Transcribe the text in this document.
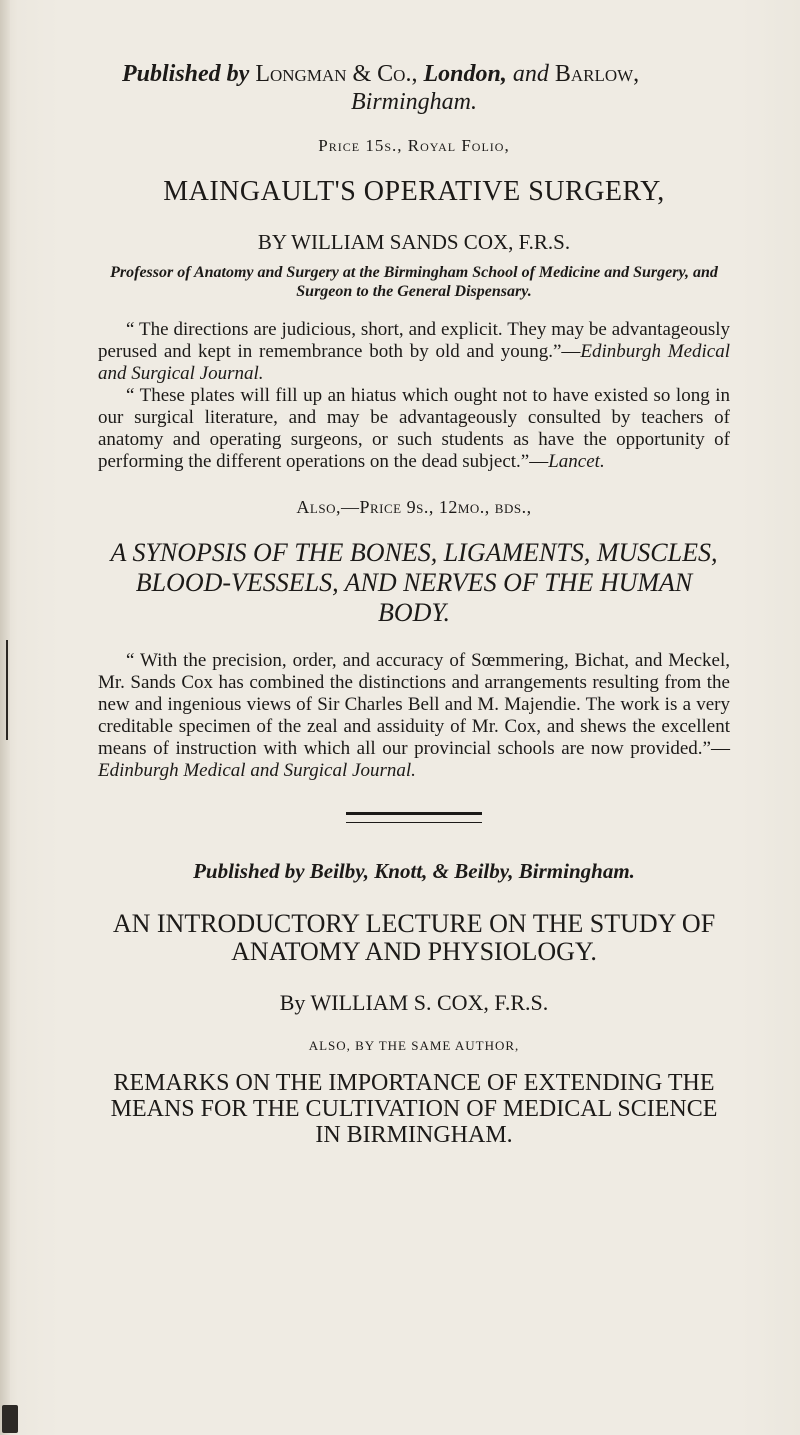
Published by Longman & Co., London, and Barlow,

Birmingham.

Price 15s., Royal Folio,

MAINGAULT'S OPERATIVE SURGERY,

BY WILLIAM SANDS COX, F.R.S.

Professor of Anatomy and Surgery at the Birmingham School of Medicine and Surgery, and Surgeon to the General Dispensary.

“ The directions are judicious, short, and explicit. They may be advantageously perused and kept in remembrance both by old and young.”—Edinburgh Medical and Surgical Journal.

“ These plates will fill up an hiatus which ought not to have existed so long in our surgical literature, and may be advantageously consulted by teachers of anatomy and operating surgeons, or such students as have the opportunity of performing the different operations on the dead subject.”—Lancet.

Also,—Price 9s., 12mo., bds.,

A SYNOPSIS OF THE BONES, LIGAMENTS, MUSCLES, BLOOD-VESSELS, AND NERVES OF THE HUMAN BODY.

“ With the precision, order, and accuracy of Sœmmering, Bichat, and Meckel, Mr. Sands Cox has combined the distinctions and arrangements resulting from the new and ingenious views of Sir Charles Bell and M. Majendie. The work is a very creditable specimen of the zeal and assiduity of Mr. Cox, and shews the excellent means of instruction with which all our provincial schools are now provided.”—Edinburgh Medical and Surgical Journal.

Published by Beilby, Knott, & Beilby, Birmingham.

AN INTRODUCTORY LECTURE ON THE STUDY OF ANATOMY AND PHYSIOLOGY.

By WILLIAM S. COX, F.R.S.

ALSO, BY THE SAME AUTHOR,

REMARKS ON THE IMPORTANCE OF EXTENDING THE MEANS FOR THE CULTIVATION OF MEDICAL SCIENCE IN BIRMINGHAM.
